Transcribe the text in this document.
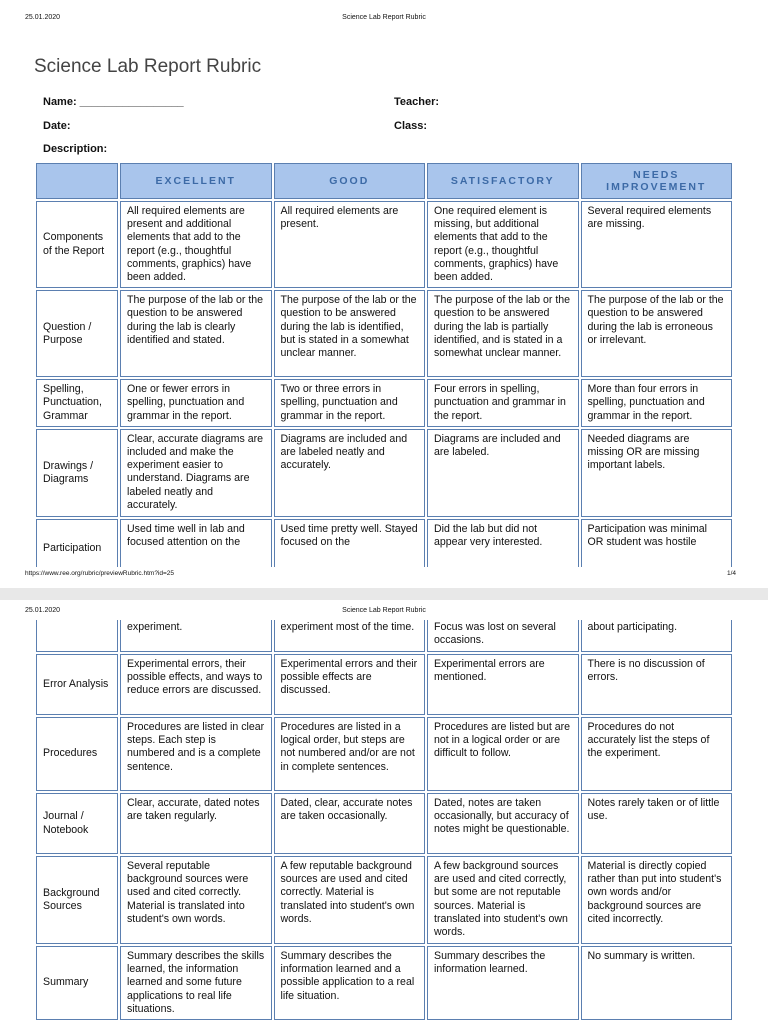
25.01.2020	Science Lab Report Rubric
Science Lab Report Rubric
Name: _________________	Teacher:
Date:	Class:
Description:
	EXCELLENT	GOOD	SATISFACTORY	NEEDS IMPROVEMENT
Components of the Report	All required elements are present and additional elements that add to the report (e.g., thoughtful comments, graphics) have been added.	All required elements are present.	One required element is missing, but additional elements that add to the report (e.g., thoughtful comments, graphics) have been added.	Several required elements are missing.
Question / Purpose	The purpose of the lab or the question to be answered during the lab is clearly identified and stated.	The purpose of the lab or the question to be answered during the lab is identified, but is stated in a somewhat unclear manner.	The purpose of the lab or the question to be answered during the lab is partially identified, and is stated in a somewhat unclear manner.	The purpose of the lab or the question to be answered during the lab is erroneous or irrelevant.
Spelling, Punctuation, Grammar	One or fewer errors in spelling, punctuation and grammar in the report.	Two or three errors in spelling, punctuation and grammar in the report.	Four errors in spelling, punctuation and grammar in the report.	More than four errors in spelling, punctuation and grammar in the report.
Drawings / Diagrams	Clear, accurate diagrams are included and make the experiment easier to understand. Diagrams are labeled neatly and accurately.	Diagrams are included and are labeled neatly and accurately.	Diagrams are included and are labeled.	Needed diagrams are missing OR are missing important labels.
Participation	Used time well in lab and focused attention on the	Used time pretty well. Stayed focused on the	Did the lab but did not appear very interested.	Participation was minimal OR student was hostile
https://www.ree.org/rubric/previewRubric.htm?id=25	1/4
25.01.2020	Science Lab Report Rubric
	experiment.	experiment most of the time.	Focus was lost on several occasions.	about participating.
Error Analysis	Experimental errors, their possible effects, and ways to reduce errors are discussed.	Experimental errors and their possible effects are discussed.	Experimental errors are mentioned.	There is no discussion of errors.
Procedures	Procedures are listed in clear steps. Each step is numbered and is a complete sentence.	Procedures are listed in a logical order, but steps are not numbered and/or are not in complete sentences.	Procedures are listed but are not in a logical order or are difficult to follow.	Procedures do not accurately list the steps of the experiment.
Journal / Notebook	Clear, accurate, dated notes are taken regularly.	Dated, clear, accurate notes are taken occasionally.	Dated, notes are taken occasionally, but accuracy of notes might be questionable.	Notes rarely taken or of little use.
Background Sources	Several reputable background sources were used and cited correctly. Material is translated into student's own words.	A few reputable background sources are used and cited correctly. Material is translated into student's own words.	A few background sources are used and cited correctly, but some are not reputable sources. Material is translated into student's own words.	Material is directly copied rather than put into student's own words and/or background sources are cited incorrectly.
Summary	Summary describes the skills learned, the information learned and some future applications to real life situations.	Summary describes the information learned and a possible application to a real life situation.	Summary describes the information learned.	No summary is written.
